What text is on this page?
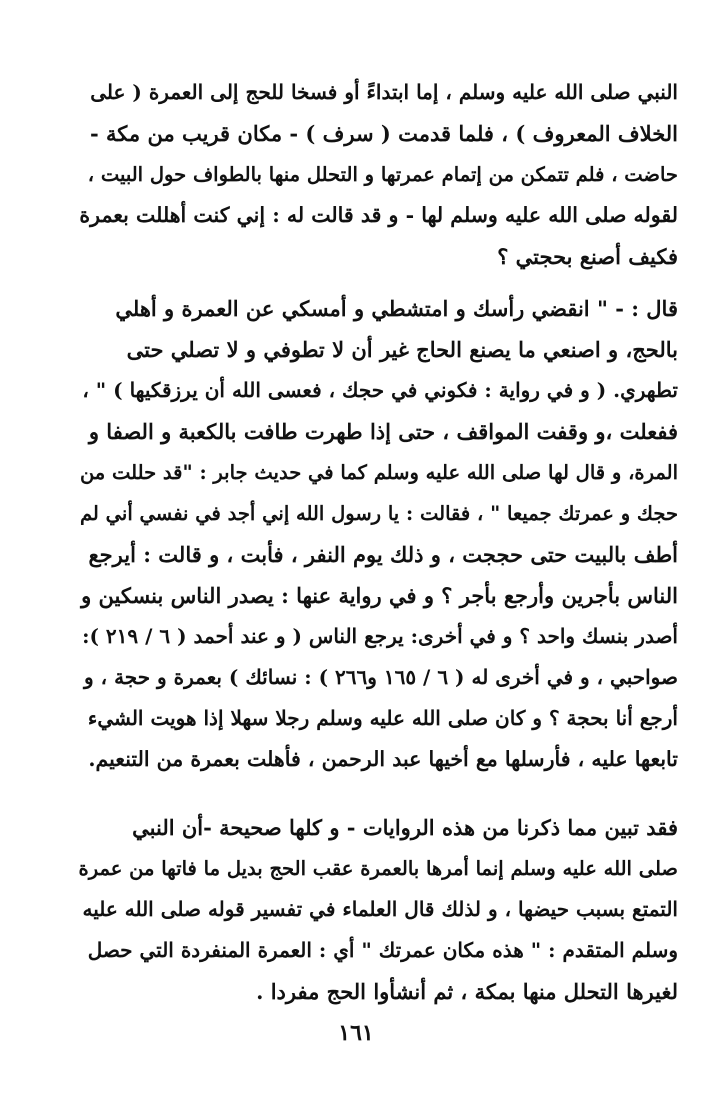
النبي صلى الله عليه وسلم ، إما ابتداءً أو فسخا للحج إلى العمرة ( على
الخلاف المعروف ) ، فلما قدمت ( سرف ) - مكان قريب من مكة -
حاضت ، فلم تتمكن من إتمام عمرتها و التحلل منها بالطواف حول البيت ،
لقوله صلى الله عليه وسلم لها - و قد قالت له : إني كنت أهللت بعمرة
فكيف أصنع بحجتي ؟
قال : - " انقضي رأسك و امتشطي و أمسكي عن العمرة و أهلي
بالحج، و اصنعي ما يصنع الحاج غير أن لا تطوفي و لا تصلي حتى
تطهري. ( و في رواية : فكوني في حجك ، فعسى الله أن يرزقكيها ) " ،
ففعلت ،و وقفت المواقف ، حتى إذا طهرت طافت بالكعبة و الصفا و
المرة، و قال لها صلى الله عليه وسلم كما في حديث جابر : "قد حللت من
حجك و عمرتك جميعا " ، فقالت : يا رسول الله إني أجد في نفسي أني لم
أطف بالبيت حتى حججت ، و ذلك يوم النفر ، فأبت ، و قالت : أيرجع
الناس بأجرين وأرجع بأجر ؟ و في رواية عنها : يصدر الناس بنسكين و
أصدر بنسك واحد ؟ و في أخرى: يرجع الناس ( و عند أحمد ( ٦ / ٢١٩ ):
صواحبي ، و في أخرى له ( ٦ / ١٦٥ و٢٦٦ ) : نسائك ) بعمرة و حجة ، و
أرجع أنا بحجة ؟ و كان صلى الله عليه وسلم رجلا سهلا إذا هويت الشيء
تابعها عليه ، فأرسلها مع أخيها عبد الرحمن ، فأهلت بعمرة من التنعيم.
فقد تبين مما ذكرنا من هذه الروايات - و كلها صحيحة -أن النبي
صلى الله عليه وسلم إنما أمرها بالعمرة عقب الحج بديل ما فاتها من عمرة
التمتع بسبب حيضها ، و لذلك قال العلماء في تفسير قوله صلى الله عليه
وسلم المتقدم : " هذه مكان عمرتك " أي : العمرة المنفردة التي حصل
لغيرها التحلل منها بمكة ، ثم أنشأوا الحج مفردا .
١٦١
